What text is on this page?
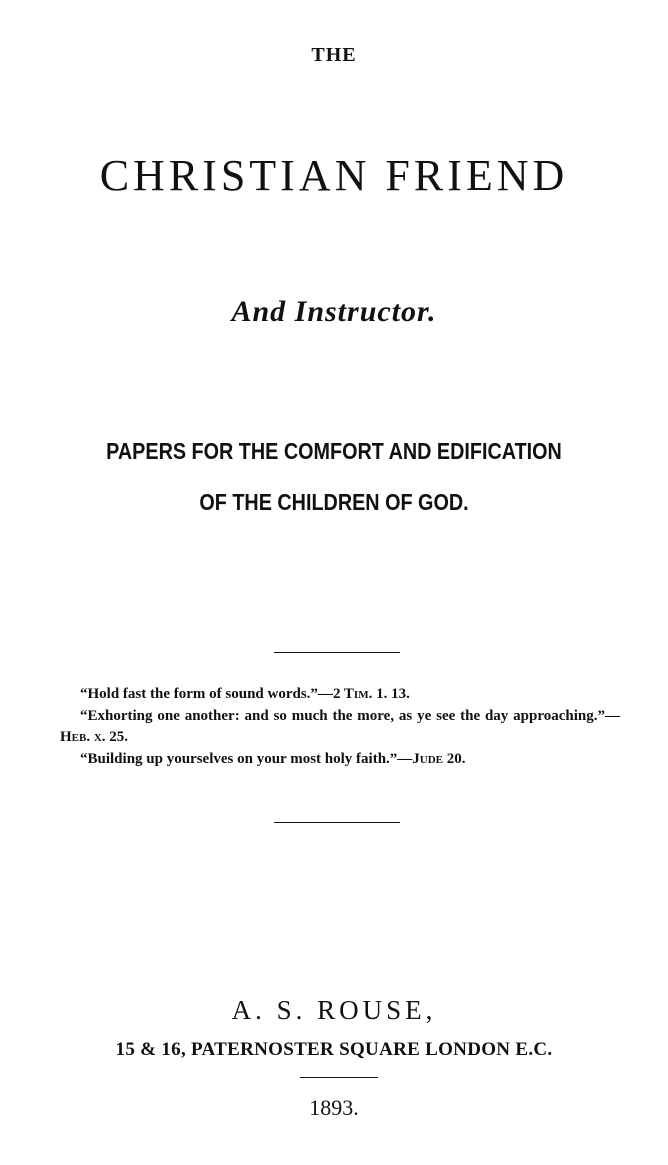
THE
CHRISTIAN FRIEND
And Instructor.
PAPERS FOR THE COMFORT AND EDIFICATION
OF THE CHILDREN OF GOD.

“Hold fast the form of sound words.”—2 Tim. 1. 13.

“Exhorting one another: and so much the more, as ye see the day approaching.”—Heb. x. 25.

“Building up yourselves on your most holy faith.”—Jude 20.

A. S. ROUSE,
15 & 16, PATERNOSTER SQUARE LONDON E.C.
1893.
